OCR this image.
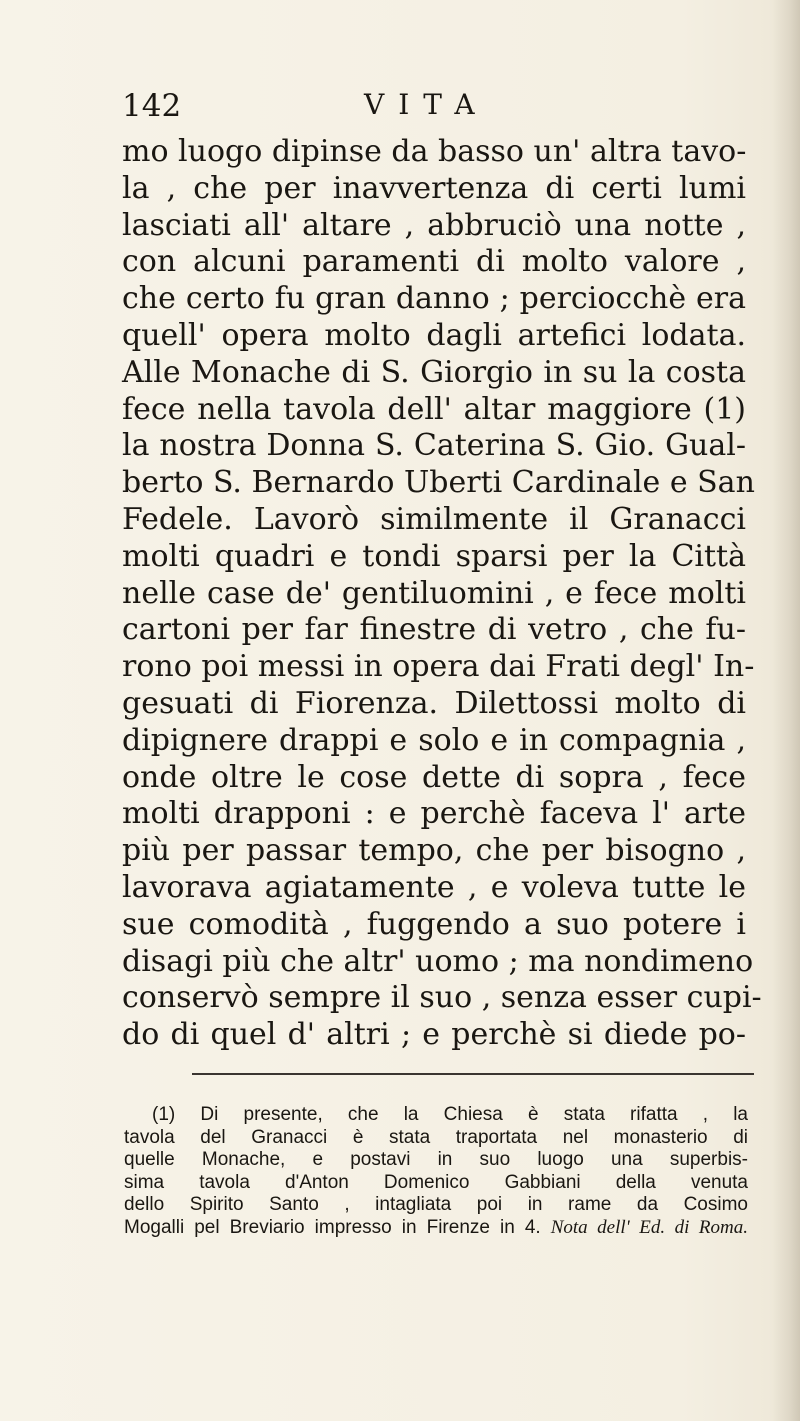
142	VITA
mo luogo dipinse da basso un' altra tavo-
la , che per inavvertenza di certi lumi
lasciati all' altare , abbruciò una notte ,
con alcuni paramenti di molto valore ,
che certo fu gran danno ; perciocchè era
quell' opera molto dagli artefici lodata.
Alle Monache di S. Giorgio in su la costa
fece nella tavola dell' altar maggiore (1)
la nostra Donna S. Caterina S. Gio. Gual-
berto S. Bernardo Uberti Cardinale e San
Fedele. Lavorò similmente il Granacci
molti quadri e tondi sparsi per la Città
nelle case de' gentiluomini , e fece molti
cartoni per far finestre di vetro , che fu-
rono poi messi in opera dai Frati degl' In-
gesuati di Fiorenza. Dilettossi molto di
dipignere drappi e solo e in compagnia ,
onde oltre le cose dette di sopra , fece
molti drapponi : e perchè faceva l' arte
più per passar tempo, che per bisogno ,
lavorava agiatamente , e voleva tutte le
sue comodità , fuggendo a suo potere i
disagi più che altr' uomo ; ma nondimeno
conservò sempre il suo , senza esser cupi-
do di quel d' altri ; e perchè si diede po-
(1) Di presente, che la Chiesa è stata rifatta , la
tavola del Granacci è stata traportata nel monasterio di
quelle Monache, e postavi in suo luogo una superbis-
sima tavola d'Anton Domenico Gabbiani della venuta
dello Spirito Santo , intagliata poi in rame da Cosimo
Mogalli pel Breviario impresso in Firenze in 4. Nota dell' Ed. di Roma.
